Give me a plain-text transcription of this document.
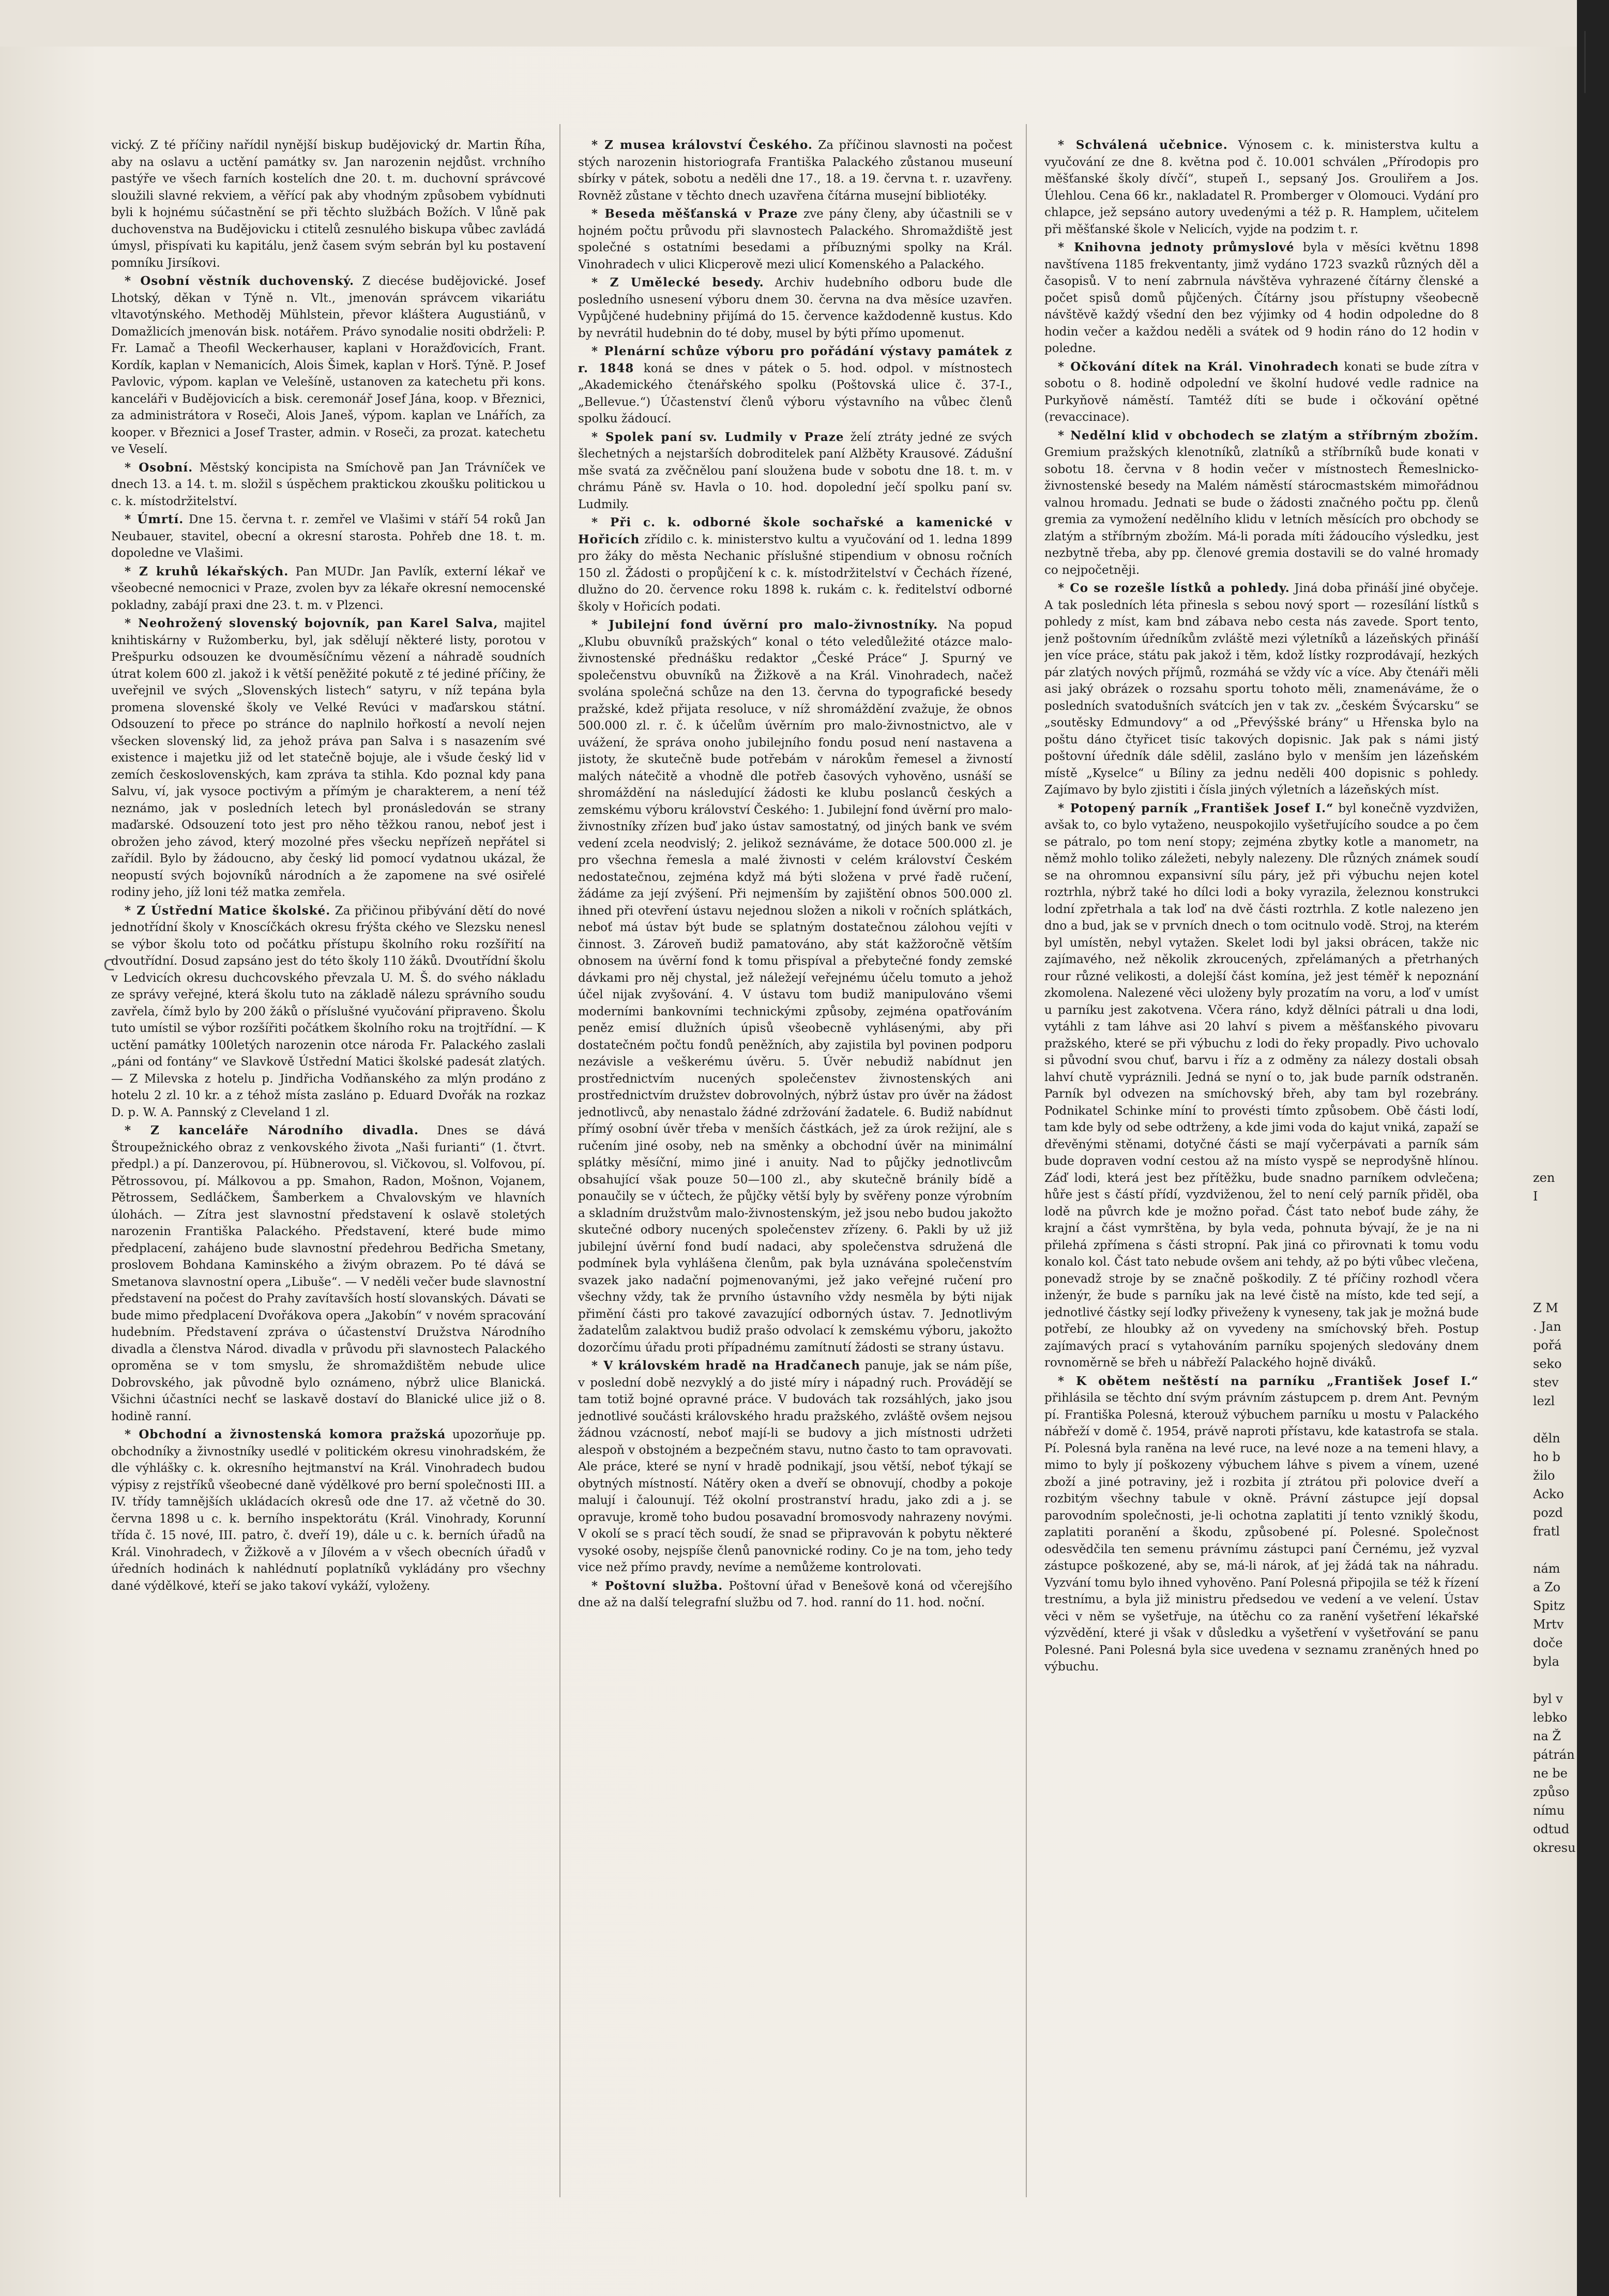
vický. Z té příčiny nařídil nynější biskup budějovický dr. Martin Říha, aby na oslavu a uctění památky sv. Jan narozenin nejdůst. vrchního pastýře ve všech farních kostelích dne 20. t. m. duchovní správcové sloužili slavné rekviem, a věřící pak aby vhodným způsobem vybídnuti byli k hojnému súčastnění se při těchto službách Božích. V lůně pak duchovenstva na Budějovicku i ctitelů zesnulého biskupa vůbec zavládá úmysl, přispívati ku kapitálu, jenž časem svým sebrán byl ku postavení pomníku Jirsíkovi.

* Osobní věstník duchovenský. Z diecése budějovické. Josef Lhotský, děkan v Týně n. Vlt., jmenován správcem vikariátu vltavotýnského. Methoděj Mühlstein, převor kláštera Augustiánů, v Domažlicích jmenován bisk. notářem. Právo synodalie nositi obdrželi: P. Fr. Lamač a Theofil Weckerhauser, kaplani v Horažďovicích, Frant. Kordík, kaplan v Nemanicích, Alois Šimek, kaplan v Horš. Týně. P. Josef Pavlovic, výpom. kaplan ve Velešíně, ustanoven za katechetu při kons. kanceláři v Budějovicích a bisk. ceremonář Josef Jána, koop. v Březnici, za administrátora v Roseči, Alois Janeš, výpom. kaplan ve Lnářích, za kooper. v Březnici a Josef Traster, admin. v Roseči, za prozat. katechetu ve Veselí.

* Osobní. Městský koncipista na Smíchově pan Jan Trávníček ve dnech 13. a 14. t. m. složil s úspěchem praktickou zkoušku politickou u c. k. místodržitelství.

* Úmrtí. Dne 15. června t. r. zemřel ve Vlašimi v stáří 54 roků Jan Neubauer, stavitel, obecní a okresní starosta. Pohřeb dne 18. t. m. dopoledne ve Vlašimi.

* Z kruhů lékařských. Pan MUDr. Jan Pavlík, externí lékař ve všeobecné nemocnici v Praze, zvolen byv za lékaře okresní nemocenské pokladny, zabájí praxi dne 23. t. m. v Plzenci.

* Neohrožený slovenský bojovník, pan Karel Salva, majitel knihtiskárny v Ružomberku, byl, jak sdělují některé listy, porotou v Prešpurku odsouzen ke dvouměsíčnímu vězení a náhradě soudních útrat kolem 600 zl. jakož i k větší peněžité pokutě z té jediné příčiny, že uveřejnil ve svých „Slovenských listech“ satyru, v níž tepána byla promena slovenské školy ve Velké Revúci v maďarskou státní. Odsouzení to přece po stránce do naplnilo hořkostí a nevolí nejen všecken slovenský lid, za jehož práva pan Salva i s nasazením své existence i majetku již od let statečně bojuje, ale i všude český lid v zemích československých, kam zpráva ta stihla. Kdo poznal kdy pana Salvu, ví, jak vysoce poctivým a přímým je charakterem, a není též neznámo, jak v posledních letech byl pronásledován se strany maďarské. Odsouzení toto jest pro něho těžkou ranou, neboť jest i obrožen jeho závod, který mozolné přes všecku nepřízeň nepřátel si zařídil. Bylo by žádoucno, aby český lid pomocí vydatnou ukázal, že neopustí svých bojovníků národních a že zapomene na své osiřelé rodiny jeho, jíž loni též matka zemřela.

* Z Ústřední Matice školské. Za přičinou přibývání dětí do nové jednotřídní školy v Knoscíčkách okresu frýšta ckého ve Slezsku nenesl se výbor školu toto od počátku přístupu školního roku rozšířití na dvoutřídní. Dosud zapsáno jest do této školy 110 žáků. Dvoutřídní školu v Ledvicích okresu duchcovského převzala U. M. Š. do svého nákladu ze správy veřejné, která školu tuto na základě nálezu správního soudu zavřela, čímž bylo by 200 žáků o příslušné vyučování připraveno. Školu tuto umístil se výbor rozšířiti počátkem školního roku na trojtřídní. — K uctění památky 100letých narozenin otce národa Fr. Palackého zaslali „páni od fontány“ ve Slavkově Ústřední Matici školské padesát zlatých. — Z Milevska z hotelu p. Jindřicha Vodňanského za mlýn prodáno z hotelu 2 zl. 10 kr. a z téhož místa zasláno p. Eduard Dvořák na rozkaz D. p. W. A. Pannský z Cleveland 1 zl.

* Z kanceláře Národního divadla. Dnes se dává Štroupežnického obraz z venkovského života „Naši furianti“ (1. čtvrt. předpl.) a pí. Danzerovou, pí. Hübnerovou, sl. Vičkovou, sl. Volfovou, pí. Pětrossovou, pí. Málkovou a pp. Smahon, Radon, Mošnon, Vojanem, Pětrossem, Sedláčkem, Šamberkem a Chvalovským ve hlavních úlohách. — Zítra jest slavnostní představení k oslavě stoletých narozenin Františka Palackého. Představení, které bude mimo předplacení, zahájeno bude slavnostní předehrou Bedřicha Smetany, proslovem Bohdana Kaminského a živým obrazem. Po té dává se Smetanova slavnostní opera „Libuše“. — V neděli večer bude slavnostní představení na počest do Prahy zavítavších hostí slovanských. Dávati se bude mimo předplacení Dvořákova opera „Jakobín“ v novém spracování hudebním. Představení zpráva o účastenství Družstva Národního divadla a členstva Národ. divadla v průvodu při slavnostech Palackého oproměna se v tom smyslu, že shromaždištěm nebude ulice Dobrovského, jak původně bylo oznámeno, nýbrž ulice Blanická. Všichni účastníci nechť se laskavě dostaví do Blanické ulice již o 8. hodině ranní.

* Obchodní a živnostenská komora pražská upozorňuje pp. obchodníky a živnostníky usedlé v politickém okresu vinohradském, že dle výhlášky c. k. okresního hejtmanství na Král. Vinohradech budou výpisy z rejstříků všeobecné daně výdělkové pro berní společnosti III. a IV. třídy tamnějších ukládacích okresů ode dne 17. až včetně do 30. června 1898 u c. k. berního inspektorátu (Král. Vinohrady, Korunní třída č. 15 nové, III. patro, č. dveří 19), dále u c. k. berních úřadů na Král. Vinohradech, v Žižkově a v Jílovém a v všech obecních úřadů v úředních hodinách k nahlédnutí poplatníků vykládány pro všechny dané výdělkové, kteří se jako takoví vykáží, vyloženy.

* Z musea království Českého. Za příčinou slavnosti na počest stých narozenin historiografa Františka Palackého zůstanou museuní sbírky v pátek, sobotu a neděli dne 17., 18. a 19. června t. r. uzavřeny. Rovněž zůstane v těchto dnech uzavřena čítárna musejní bibliotéky.

* Beseda měšťanská v Praze zve pány členy, aby účastnili se v hojném počtu průvodu při slavnostech Palackého. Shromaždiště jest společné s ostatními besedami a příbuznými spolky na Král. Vinohradech v ulici Klicperově mezi ulicí Komenského a Palackého.

* Z Umělecké besedy. Archiv hudebního odboru bude dle posledního usnesení výboru dnem 30. června na dva měsíce uzavřen. Vypůjčené hudebniny přijímá do 15. července každodenně kustus. Kdo by nevrátil hudebnin do té doby, musel by býti přímo upomenut.

* Plenární schůze výboru pro pořádání výstavy památek z r. 1848 koná se dnes v pátek o 5. hod. odpol. v místnostech „Akademického čtenářského spolku (Poštovská ulice č. 37-I., „Bellevue.“) Účastenství členů výboru výstavního na vůbec členů spolku žádoucí.

* Spolek paní sv. Ludmily v Praze želí ztráty jedné ze svých šlechetných a nejstarších dobroditelek paní Alžběty Krausové. Zádušní mše svatá za zvěčnělou paní sloužena bude v sobotu dne 18. t. m. v chrámu Páně sv. Havla o 10. hod. dopolední ječí spolku paní sv. Ludmily.

* Při c. k. odborné škole sochařské a kamenické v Hořicích zřídilo c. k. ministerstvo kultu a vyučování od 1. ledna 1899 pro žáky do města Nechanic příslušné stipendium v obnosu ročních 150 zl. Žádosti o propůjčení k c. k. místodržitelství v Čechách řízené, dlužno do 20. července roku 1898 k. rukám c. k. ředitelství odborné školy v Hořicích podati.

* Jubilejní fond úvěrní pro malo-živnostníky. Na popud „Klubu obuvníků pražských“ konal o této veledůležité otázce malo-živnostenské přednášku redaktor „České Práce“ J. Spurný ve společenstvu obuvníků na Žižkově a na Král. Vinohradech, načež svolána společná schůze na den 13. června do typografické besedy pražské, kdež přijata resoluce, v níž shromáždění zvažuje, že obnos 500.000 zl. r. č. k účelům úvěrním pro malo-živnostnictvo, ale v uvážení, že správa onoho jubilejního fondu posud není nastavena a jistoty, že skutečně bude potřebám v nárokům řemesel a živností malých nátečitě a vhodně dle potřeb časových vyhověno, usnáší se shromáždění na následující žádosti ke klubu poslanců českých a zemskému výboru království Českého: 1. Jubilejní fond úvěrní pro malo-živnostníky zřízen buď jako ústav samostatný, od jiných bank ve svém vedení zcela neodvislý; 2. jelikož seznáváme, že dotace 500.000 zl. je pro všechna řemesla a malé živnosti v celém království Českém nedostatečnou, zejména když má býti složena v prvé řadě ručení, žádáme za její zvýšení. Při nejmenším by zajištění obnos 500.000 zl. ihned při otevření ústavu nejednou složen a nikoli v ročních splátkách, neboť má ústav být bude se splatným dostatečnou zálohou vejíti v činnost. 3. Zároveň budiž pamatováno, aby stát kažžoročně větším obnosem na úvěrní fond k tomu přispíval a přebytečné fondy zemské dávkami pro něj chystal, jež náležejí veřejnému účelu tomuto a jehož účel nijak zvyšování. 4. V ústavu tom budiž manipulováno všemi moderními bankovními technickými způsoby, zejména opatřováním peněz emisí dlužních úpisů všeobecně vyhlásenými, aby při dostatečném počtu fondů peněžních, aby zajistila byl povinen podporu nezávisle a veškerému úvěru. 5. Úvěr nebudiž nabídnut jen prostřednictvím nucených společenstev živnostenských ani prostřednictvím družstev dobrovolných, nýbrž ústav pro úvěr na žádost jednotlivců, aby nenastalo žádné zdržování žadatele. 6. Budiž nabídnut přímý osobní úvěr třeba v menších částkách, jež za úrok režijní, ale s ručením jiné osoby, neb na směnky a obchodní úvěr na minimální splátky měsíční, mimo jiné i anuity. Nad to půjčky jednotlivcům obsahující však pouze 50—100 zl., aby skutečně bránily bídě a ponaučily se v účtech, že půjčky větší byly by svěřeny ponze výrobním a skladním družstvům malo-živnostenským, jež jsou nebo budou jakožto skutečné odbory nucených společenstev zřízeny. 6. Pakli by už již jubilejní úvěrní fond budí nadaci, aby společenstva sdružená dle podmínek byla vyhlášena členům, pak byla uznávána společenstvím svazek jako nadační pojmenovanými, jež jako veřejné ručení pro všechny vždy, tak že prvního ústavního vždy nesměla by býti nijak přimění části pro takové zavazující odborných ústav. 7. Jednotlivým žadatelům zalaktvou budiž prašo odvolací k zemskému výboru, jakožto dozorčímu úřadu proti případnému zamítnutí žádosti se strany ústavu.

* V královském hradě na Hradčanech panuje, jak se nám píše, v poslední době nezvyklý a do jisté míry i nápadný ruch. Provádějí se tam totiž bojné opravné práce. V budovách tak rozsáhlých, jako jsou jednotlivé součásti královského hradu pražského, zvláště ovšem nejsou žádnou vzácností, neboť mají-li se budovy a jich místnosti udržeti alespoň v obstojném a bezpečném stavu, nutno často to tam opravovati. Ale práce, které se nyní v hradě podnikají, jsou větší, neboť týkají se obytných místností. Nátěry oken a dveří se obnovují, chodby a pokoje malují i čalounují. Též okolní prostranství hradu, jako zdi a j. se opravuje, kromě toho budou posavadní bromosvody nahrazeny novými. V okolí se s prací těch soudí, že snad se připravován k pobytu některé vysoké osoby, nejspíše členů panovnické rodiny. Co je na tom, jeho tedy vice než přímo pravdy, nevíme a nemůžeme kontrolovati.

* Poštovní služba. Poštovní úřad v Benešově koná od včerejšího dne až na další telegrafní službu od 7. hod. ranní do 11. hod. noční.

* Schválená učebnice. Výnosem c. k. ministerstva kultu a vyučování ze dne 8. května pod č. 10.001 schválen „Přírodopis pro měšťanské školy dívčí“, stupeň I., sepsaný Jos. Grouliřem a Jos. Úlehlou. Cena 66 kr., nakladatel R. Promberger v Olomouci. Vydání pro chlapce, jež sepsáno autory uvedenými a též p. R. Hamplem, učitelem při měšťanské škole v Nelicích, vyjde na podzim t. r.

* Knihovna jednoty průmyslové byla v měsíci květnu 1898 navštívena 1185 frekventanty, jimž vydáno 1723 svazků různých děl a časopisů. V to není zabrnula návštěva vyhrazené čítárny členské a počet spisů domů půjčených. Čítárny jsou přístupny všeobecně návštěvě každý všední den bez výjimky od 4 hodin odpoledne do 8 hodin večer a každou neděli a svátek od 9 hodin ráno do 12 hodin v poledne.

* Očkování dítek na Král. Vinohradech konati se bude zítra v sobotu o 8. hodině odpolední ve školní hudové vedle radnice na Purkyňově náměstí. Tamtéž díti se bude i očkování opětné (revaccinace).

* Nedělní klid v obchodech se zlatým a stříbrným zbožím. Gremium pražských klenotníků, zlatníků a stříbrníků bude konati v sobotu 18. června v 8 hodin večer v místnostech Řemeslnicko-živnostenské besedy na Malém náměstí stárocmastském mimořádnou valnou hromadu. Jednati se bude o žádosti značného počtu pp. členů gremia za vymožení nedělního klidu v letních měsících pro obchody se zlatým a stříbrným zbožím. Má-li porada míti žádoucího výsledku, jest nezbytně třeba, aby pp. členové gremia dostavili se do valné hromady co nejpočetněji.

* Co se rozešle lístků a pohledy. Jiná doba přináší jiné obyčeje. A tak posledních léta přinesla s sebou nový sport — rozesílání lístků s pohledy z míst, kam bnd zábava nebo cesta nás zavede. Sport tento, jenž poštovním úředníkům zvláště mezi výletníků a lázeňských přináší jen více práce, státu pak jakož i těm, kdož lístky rozprodávají, hezkých pár zlatých nových příjmů, rozmáhá se vždy víc a více. Aby čtenáři měli asi jaký obrázek o rozsahu sportu tohoto měli, znamenáváme, že o posledních svatodušních svátcích jen v tak zv. „českém Švýcarsku“ se „soutěsky Edmundovy“ a od „Převýšské brány“ u Hřenska bylo na poštu dáno čtyřicet tisíc takových dopisnic. Jak pak s námi jistý poštovní úředník dále sdělil, zasláno bylo v menším jen lázeňském místě „Kyselce“ u Bíliny za jednu neděli 400 dopisnic s pohledy. Zajímavo by bylo zjistiti i čísla jiných výletních a lázeňských míst.

* Potopený parník „František Josef I.“ byl konečně vyzdvižen, avšak to, co bylo vytaženo, neuspokojilo vyšetřujícího soudce a po čem se pátralo, po tom není stopy; zejména zbytky kotle a manometr, na němž mohlo toliko záležeti, nebyly nalezeny. Dle různých známek soudí se na ohromnou expansivní sílu páry, jež při výbuchu nejen kotel roztrhla, nýbrž také ho dílci lodi a boky vyrazila, železnou konstrukci lodní zpřetrhala a tak loď na dvě části roztrhla. Z kotle nalezeno jen dno a bud, jak se v prvních dnech o tom ocitnulo vodě. Stroj, na kterém byl umístěn, nebyl vytažen. Skelet lodi byl jaksi obrácen, takže nic zajímavého, než několik zkroucených, zpřelámaných a přetrhaných rour různé velikosti, a dolejší část komína, jež jest téměř k nepoznání zkomolena. Nalezené věci uloženy byly prozatím na voru, a loď v umíst u parníku jest zakotvena. Včera ráno, když dělníci pátrali u dna lodi, vytáhli z tam láhve asi 20 lahví s pivem a měšťanského pivovaru pražského, které se při výbuchu z lodi do řeky propadly. Pivo uchovalo si původní svou chuť, barvu i říz a z odměny za nálezy dostali obsah lahví chutě vypráznili. Jedná se nyní o to, jak bude parník odstraněn. Parník byl odvezen na smíchovský břeh, aby tam byl rozebrány. Podnikatel Schinke míní to provésti tímto způsobem. Obě části lodí, tam kde byly od sebe odtrženy, a kde jimi voda do kajut vniká, zapaží se dřevěnými stěnami, dotyčné části se mají vyčerpávati a parník sám bude dopraven vodní cestou až na místo vyspě se neprodyšně hlínou. Záď lodi, která jest bez přítěžku, bude snadno parníkem odvlečena; hůře jest s částí přídí, vyzdviženou, žel to není celý parník přiděl, oba lodě na půvrch kde je možno pořad. Část tato neboť bude záhy, že krajní a část vymrštěna, by byla veda, pohnuta bývají, že je na ni přilehá zpřímena s části stropní. Pak jiná co přirovnati k tomu vodu konalo kol. Část tato nebude ovšem ani tehdy, až po býti vůbec vlečena, ponevadž stroje by se značně poškodily. Z té příčiny rozhodl včera inženýr, že bude s parníku jak na levé čistě na místo, kde ted sejí, a jednotlivé částky sejí loďky přiveženy k vyneseny, tak jak je možná bude potřebí, ze hloubky až on vyvedeny na smíchovský břeh. Postup zajímavých prací s vytahováním parníku spojených sledovány dnem rovnoměrně se břeh u nábřeží Palackého hojně diváků.

* K obětem neštěstí na parníku „František Josef I.“ přihlásila se těchto dní svým právním zástupcem p. drem Ant. Pevným pí. Františka Polesná, kterouž výbuchem parníku u mostu v Palackého nábřeží v domě č. 1954, právě naproti přístavu, kde katastrofa se stala. Pí. Polesná byla raněna na levé ruce, na levé noze a na temeni hlavy, a mimo to byly jí poškozeny výbuchem láhve s pivem a vínem, uzené zboží a jiné potraviny, jež i rozbita jí ztrátou při polovice dveří a rozbitým všechny tabule v okně. Právní zástupce její dopsal parovodním společnosti, je-li ochotna zaplatiti jí tento vzniklý škodu, zaplatiti poranění a škodu, způsobené pí. Polesné. Společnost odesvědčila ten semenu právnímu zástupci paní Černému, jež vyzval zástupce poškozené, aby se, má-li nárok, ať jej žádá tak na náhradu. Vyzvání tomu bylo ihned vyhověno. Paní Polesná připojila se též k řízení trestnímu, a byla již ministru předsedou ve vedení a ve velení. Ústav věci v něm se vyšetřuje, na útěchu co za ranění vyšetření lékařské výzvědění, které ji však v důsledku a vyšetření v vyšetřování se panu Polesné. Pani Polesná byla sice uvedena v seznamu zraněných hned po výbuchu.

ᑕ
zen
I
Z M
. Jan
pořá
seko
stev
lezl
děln
ho b
žilo
Acko
pozd
fratl
nám
a Zo
Spitz
Mrtv
doče
byla
byl v
lebko
na Ž
pátrán
ne be
způso
nímu
odtud
okresu
